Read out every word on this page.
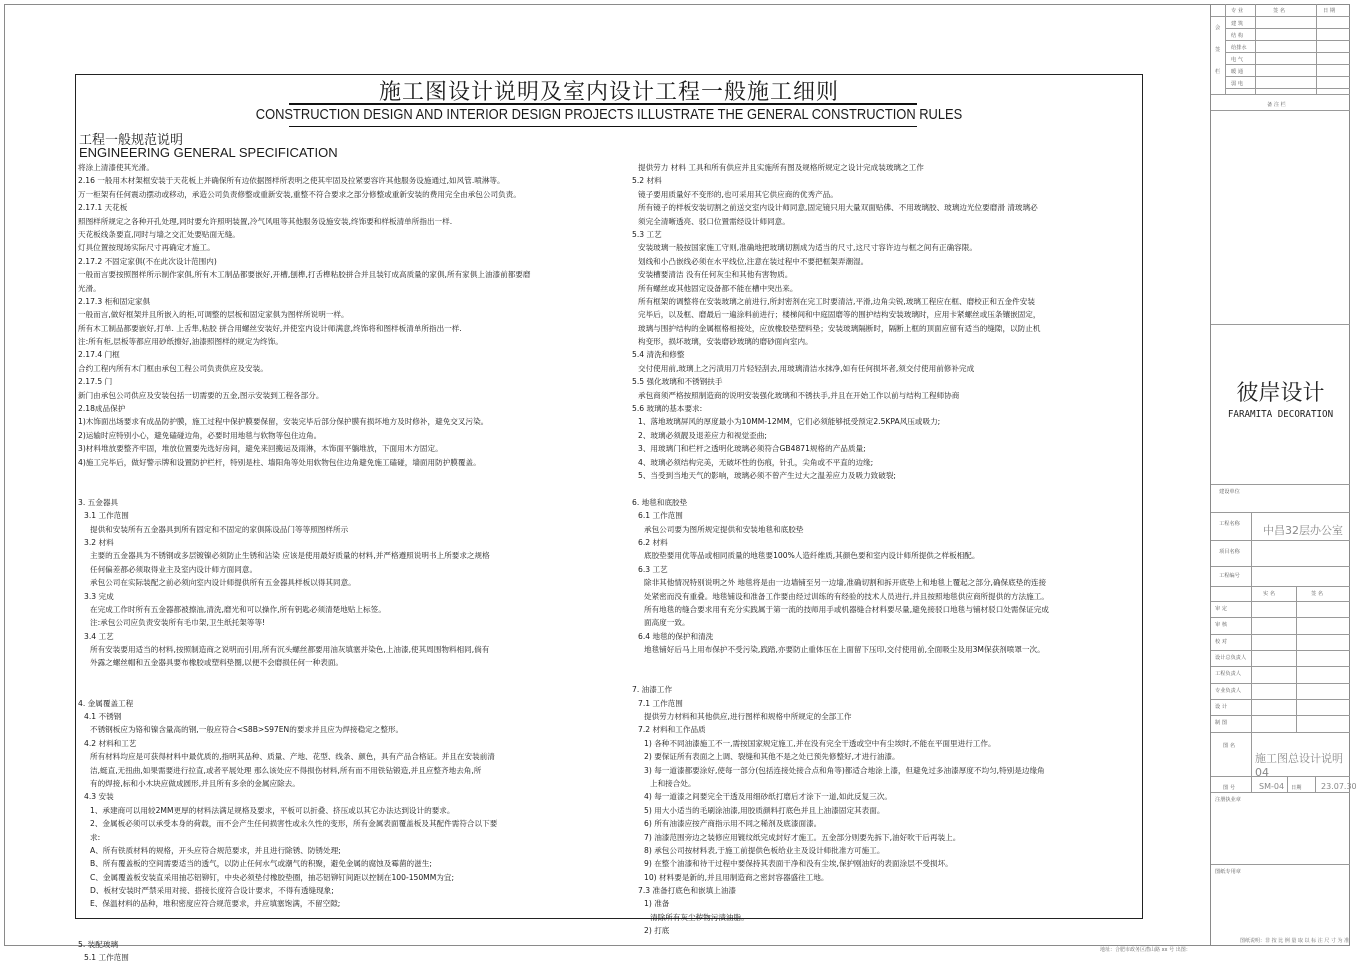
施工图设计说明及室内设计工程一般施工细则
CONSTRUCTION DESIGN AND INTERIOR DESIGN PROJECTS ILLUSTRATE THE GENERAL CONSTRUCTION RULES
工程一般规范说明
ENGINEERING GENERAL SPECIFICATION
将涂上清漆使其光滑。
2.16 一般用木材架框安装于天花板上并确保所有边依据图样所表明之使其牢固及拉紧要容许其他服务设施通过,如风管.喷淋等。
万一柜架有任何震动摆动或移动，承造公司负责修整或重新安装,重整不符合要求之部分修整或重新安装的费用完全由承包公司负责。
2.17.1 天花板
照图样所规定之各种开孔处理,同时要允许照明装置,冷气风咀等其他服务设施安装,终饰要和样板清单所指出一样.
天花板线条要直,同时与墙之交汇处要贴面无缝。
灯具位置按现场实际尺寸再确定才施工。
2.17.2 不固定家俱(不在此次设计范围内)
一般而言要按照图样所示制作家俱,所有木工制品都要嵌好,开槽,刨榫,打舌榫粘胶拼合并且装钉成高质量的家俱,所有家俱上油漆前都要磨
光滑。
2.17.3 柜和固定家俱
一般而言,做好框架并且所嵌入的柜,可调整的层板和固定家俱为图样所说明一样。
所有木工制品都要嵌好,打单. 上舌隼,粘胶 拼合用螺丝安装好,并使室内设计师满意,终饰将和图样板清单所指出一样.
注:所有柜,层板等都应用砂纸擦好,油漆照图样的规定为终饰。
2.17.4 门框
合约工程内所有木门框由承包工程公司负责供应及安装。
2.17.5 门
新门由承包公司供应及安装包括一切需要的五金,图示安装到工程各部分。
2.18成品保护
1)木饰面出场要求有成品防护膜，施工过程中保护膜要保留，安装完毕后部分保护膜有损坏地方及时修补，避免交叉污染。
2)运输时应特别小心，避免磕碰边角，必要时用地毯与软物等包住边角。
3)材料堆放要整齐牢固，堆放位置要先选好房间，避免来回搬运及雨淋，木饰面平躺堆放，下面用木方固定。
4)施工完毕后，做好警示牌和设置防护栏杆，特别是柱、墙阳角等处用软物包住边角避免施工磕碰，墙面用防护膜覆盖。
3. 五金器具
3.1 工作范围
提供和安装所有五金器具到所有固定和不固定的家俱陈设品门等等照图样所示
3.2 材料
主要的五金器具为不锈钢或多层镀镍必须防止生锈和沾染 应该是使用最好质量的材料,并严格遵照说明书上所要求之规格
任何偏差都必须取得业主及室内设计师方面同意。
承包公司在实际装配之前必须向室内设计师提供所有五金器具样板以得其同意。
3.3 完成
在完成工作时所有五金器都被擦油,清洗,磨光和可以操作,所有钥匙必须清楚地贴上标签。
注:承包公司应负责安装所有毛巾架,卫生纸托架等等!
3.4 工艺
所有安装要用适当的材料,按照制造商之说明而引用,所有沉头螺丝都要用油灰填塞并染色,上油漆,使其周围物料相同,倘有
外露之螺丝帽和五金器具要布橡胶或塑料垫圈,以便不会磨损任何一种表面。
4. 金属覆盖工程
4.1 不锈钢
不锈钢板应为铬和镍含量高的钢,一般应符合<S8B>S97EN的要求并且应为焊接稳定之整形。
4.2 材料和工艺
所有材料均应是可获得材料中最优质的,指明其品种、质量、产地、花型、线条、颜色，具有产品合格证。并且在安装前清
洁,蜓直,无扭曲,如果需要进行拉直,或者平展处理 那么该处应不得损伤材料,所有而不用铁钻锻造,并且应整齐地去角,所
有的焊接,标和小木块应做成圆形,并且所有多余的金属应除去。
4.3 安装
1、承建商可以用较2MM更厚的材料法满足规格及要求，平板可以折叠、挤压或以其它办法达到设计的要求。
2、金属板必须可以承受本身的荷载，而不会产生任何损害性或永久性的变形，所有金属表面覆盖板及其配件需符合以下要
求:
A、所有铁质材料的规格，开头应符合规范要求，并且进行除锈、防锈处理;
B、所有覆盖板的空间需要适当的透气，以防止任何水气或潮气的积聚，避免金属的腐蚀及霉菌的滋生;
C、金属覆盖板安装直采用抽芯铝铆钉，中央必须垫付橡胶垫圈，抽芯铝铆钉间距以控制在100-150MM为宜;
D、板材安装时严禁采用对接、搭接长度符合设计要求，不得有透缝现象;
E、保温材料的品种，堆积密度应符合规范要求，并应填塞饱满，不留空隙;
5. 装配玻璃
5.1 工作范围
提供劳力 材料 工具和所有供应并且实施所有图及规格所规定之设计完成装玻璃之工作
5.2 材料
镜子要用质量好不变形的,也可采用其它供应商的优秀产品。
所有镜子的样板安装切割之前送交室内设计师同意,固定镜只用大量双面贴佛、不用玻璃胶、玻璃边光位要磨滑 清玻璃必
须完全清晰透亮、驳口位置需经设计师同意。
5.3 工艺
安装玻璃一般按国家施工守则,准确地把玻璃切割成为适当的尺寸,这尺寸容许边与框之间有正确容限。
划线和小凸嵌线必须在水平线位,注意在装过程中不要把框架弄潮湿。
安装槽要清洁 没有任何灰尘和其他有害物质。
所有螺丝或其他固定设备都不能在槽中突出来。
所有框架的调整将在安装玻璃之前进行,所封密剂在完工时要清洁,平滑,边角尖锐,玻璃工程应在框、磨校正和五金件安装
完毕后，以及框、磨最后一遍涂料前进行；楼梯间和中庭固磨等的围护结构安装玻璃时，应用卡紧螺丝或压条镶嵌固定，
玻璃与围护结构的金属框格相接处，应放橡胶垫塑料垫；安装玻璃隔断时，隔断上框的顶面应留有适当的缝隙，以防止机
构变形，损坏玻璃，安装磨砂玻璃的磨砂面向室内。
5.4 清洗和修整
交付使用前,玻璃上之污渍用刀片轻轻刮去,用玻璃清洁水抹净,如有任何损坏者,须交付使用前修补完成
5.5 强化玻璃和不锈钢扶手
承包商须严格按照制造商的说明安装强化玻璃和不锈扶手,并且在开始工作以前与结构工程师协商
5.6 玻璃的基本要求:
1、落地玻璃屏风的厚度最小为10MM-12MM，它们必须能够抵受预定2.5KPA风压或吸力;
2、玻璃必须靓及退差应力和视觉歪曲;
3、用玻璃门和栏杆之透明化玻璃必须符合GB4871规格的产品质量;
4、玻璃必须结构完美，无破坏性的伤痕，针孔，尖角或不平直的边缘;
5、当受到当地天气的影响，玻璃必须不曾产生过大之温差应力及吸力致破裂;
6. 地毯和底胶垫
6.1 工作范围
承包公司要为图所规定提供和安装地毯和底胶垫
6.2 材料
底胶垫要用优等品或相同质量的地毯要100%人造纤维质,其颜色要和室内设计师所提供之样板相配。
6.3 工艺
除非其他情况特别说明之外 地毯将是由一边墙铺至另一边墙,准确切割和拆开底垫上和地毯上覆起之部分,确保底垫的连接
处紧密而没有重叠。地毯铺设和准备工作要由经过训练的有经验的技术人员进行,并且按照地毯供应商所提供的方法施工。
所有地毯的缝合要求用有充分实践属于第一流的技师用手或机器缝合材料要尽量,避免接驳口地毯与铺材驳口处需保证完成
面高度一致。
6.4 地毯的保护和清洗
地毯铺好后马上用布保护不受污染,践踏,亦要防止重体压在上面留下压印,交付使用前,全面吸尘及用3M保获剂喷罩一次。
7. 油漆工作
7.1 工作范围
提供劳力材料和其他供应,进行图样和规格中所规定的全部工作
7.2 材料和工作品质
1) 各种不同油漆施工不一,需按国家规定施工,并在没有完全干透或空中有尘埃时,不能在平面里进行工作。
2) 要保证所有表面之上调、裂缝和其他不是之处已预先修整好,才进行油漆。
3) 每一道漆都要涂好,使每一部分(包括连接处接合点和角等)都适合地涂上漆，但避免过多油漆厚度不均匀,特别是边缘角
上和接合处。
4) 每一道漆之间要完全干透及用细砂纸打磨后才涂下一道,如此反复三次。
5) 用大小适当的毛刷涂油漆,用胶质颜料打底色并且上油漆固定其表面。
6) 所有油漆应按产商指示用不同之稀剂及底漆面漆。
7) 油漆范围旁边之装修应用镀纹纸完成封好才施工。五金部分则要先拆下,油好吹干后再装上。
8) 承包公司按材料表,于施工前提供色板给业主及设计师批准方可施工。
9) 在整个油漆和待干过程中要保持其表面干净和没有尘埃,保护刚油好的表面涂层不受损坏。
10) 材料要是新的,并且用制造商之密封容器盛往工地。
7.3 准备打底色和嵌填上油漆
1) 准备
清除所有灰尘秽物污渍油脂。
2) 打底
彼岸设计
FARAMITA DECORATION
中昌32层办公室
施工图总设计说明04
SM-04	23.07.30
专 业	签 名	日 期
建 筑
结 构
给排水
电 气
暖 通
弱 电
会
签
栏
备 注 栏
建设单位
工程名称
项目名称
工程编号
实 名	签 名
审 定
审 核
校 对
设计总负责人
工程负责人
专业负责人
设 计
制 图
图 名
图 号	日期
注册执业章
图纸专用章
地址：合肥市政务区潜山路 xx 号 出图：
图纸说明：非 按 比 例 量 取 以 标 注 尺 寸 为 准
